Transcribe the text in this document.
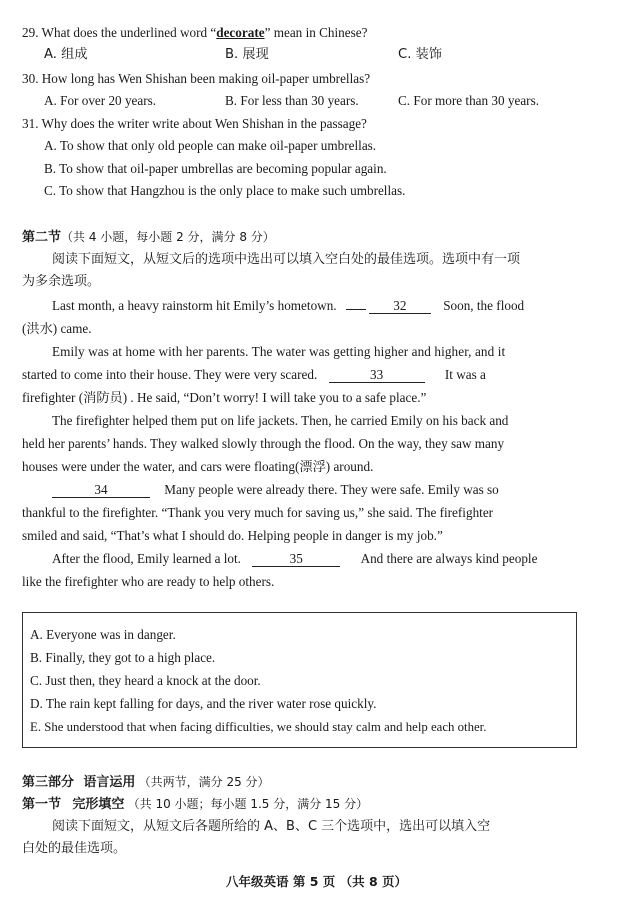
29. What does the underlined word “decorate” mean in Chinese?
A. 组成	B. 展现	C. 装饰
30. How long has Wen Shishan been making oil-paper umbrellas?
A. For over 20 years.	B. For less than 30 years.	C. For more than 30 years.
31. Why does the writer write about Wen Shishan in the passage?
A. To show that only old people can make oil-paper umbrellas.
B. To show that oil-paper umbrellas are becoming popular again.
C. To show that Hangzhou is the only place to make such umbrellas.
第二节（共 4 小题，每小题 2 分，满分 8 分）
阅读下面短文，从短文后的选项中选出可以填入空白处的最佳选项。选项中有一项
为多余选项。
Last month, a heavy rainstorm hit Emily’s hometown.	32	Soon, the flood
(洪水) came.
Emily was at home with her parents. The water was getting higher and higher, and it
started to come into their house. They were very scared.	33	It was a
firefighter (消防员) . He said, “Don’t worry! I will take you to a safe place.”
The firefighter helped them put on life jackets. Then, he carried Emily on his back and
held her parents’ hands. They walked slowly through the flood. On the way, they saw many
houses were under the water, and cars were floating(漂浮) around.
34	Many people were already there. They were safe. Emily was so
thankful to the firefighter. “Thank you very much for saving us,” she said. The firefighter
smiled and said, “That’s what I should do. Helping people in danger is my job.”
After the flood, Emily learned a lot.	35	And there are always kind people
like the firefighter who are ready to help others.
A. Everyone was in danger.
B. Finally, they got to a high place.
C. Just then, they heard a knock at the door.
D. The rain kept falling for days, and the river water rose quickly.
E. She understood that when facing difficulties, we should stay calm and help each other.
第三部分 语言运用 （共两节，满分 25 分）
第一节 完形填空 （共 10 小题；每小题 1.5 分，满分 15 分）
阅读下面短文，从短文后各题所给的 A、B、C 三个选项中，选出可以填入空
白处的最佳选项。
八年级英语 第 5 页 （共 8 页）
